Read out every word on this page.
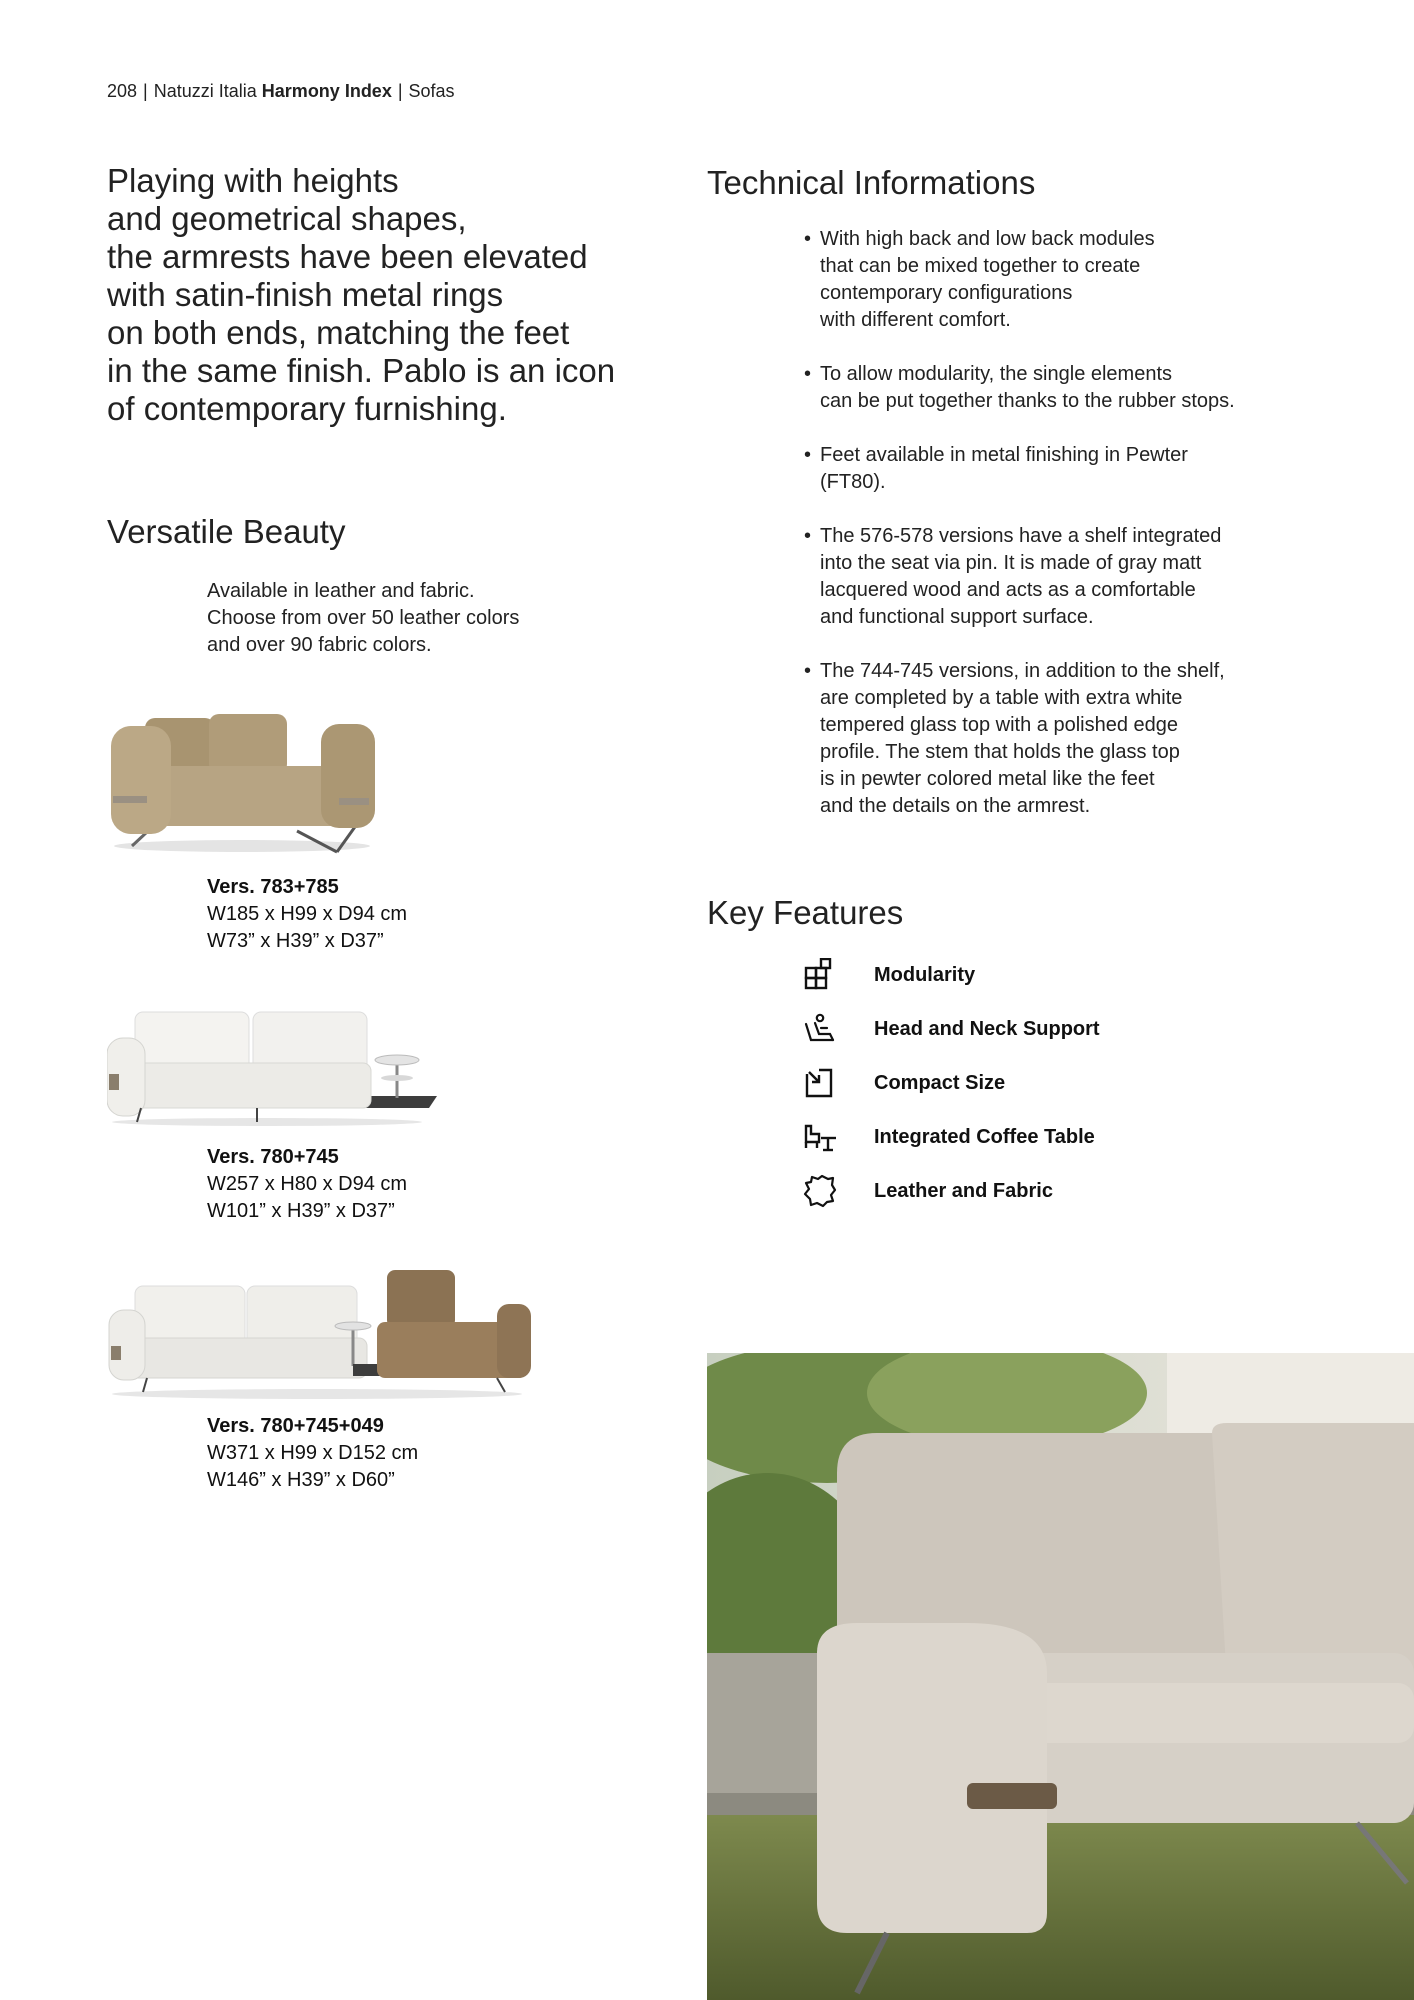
208 | Natuzzi Italia Harmony Index | Sofas
Playing with heights
and geometrical shapes,
the armrests have been elevated
with satin-finish metal rings
on both ends, matching the feet
in the same finish. Pablo is an icon
of contemporary furnishing.
Versatile Beauty
Available in leather and fabric.
Choose from over 50 leather colors
and over 90 fabric colors.
Vers. 783+785
W185 x H99 x D94 cm
W73” x H39” x D37”
Vers. 780+745
W257 x H80 x D94 cm
W101” x H39” x D37”
Vers. 780+745+049
W371 x H99 x D152 cm
W146” x H39” x D60”
Technical Informations
• With high back and low back modules
that can be mixed together to create
contemporary configurations
with different comfort.
• To allow modularity, the single elements
can be put together thanks to the rubber stops.
• Feet available in metal finishing in Pewter
(FT80).
• The 576-578 versions have a shelf integrated
into the seat via pin. It is made of gray matt
lacquered wood and acts as a comfortable
and functional support surface.
• The 744-745 versions, in addition to the shelf,
are completed by a table with extra white
tempered glass top with a polished edge
profile. The stem that holds the glass top
is in pewter colored metal like the feet
and the details on the armrest.
Key Features
Modularity
Head and Neck Support
Compact Size
Integrated Coffee Table
Leather and Fabric
